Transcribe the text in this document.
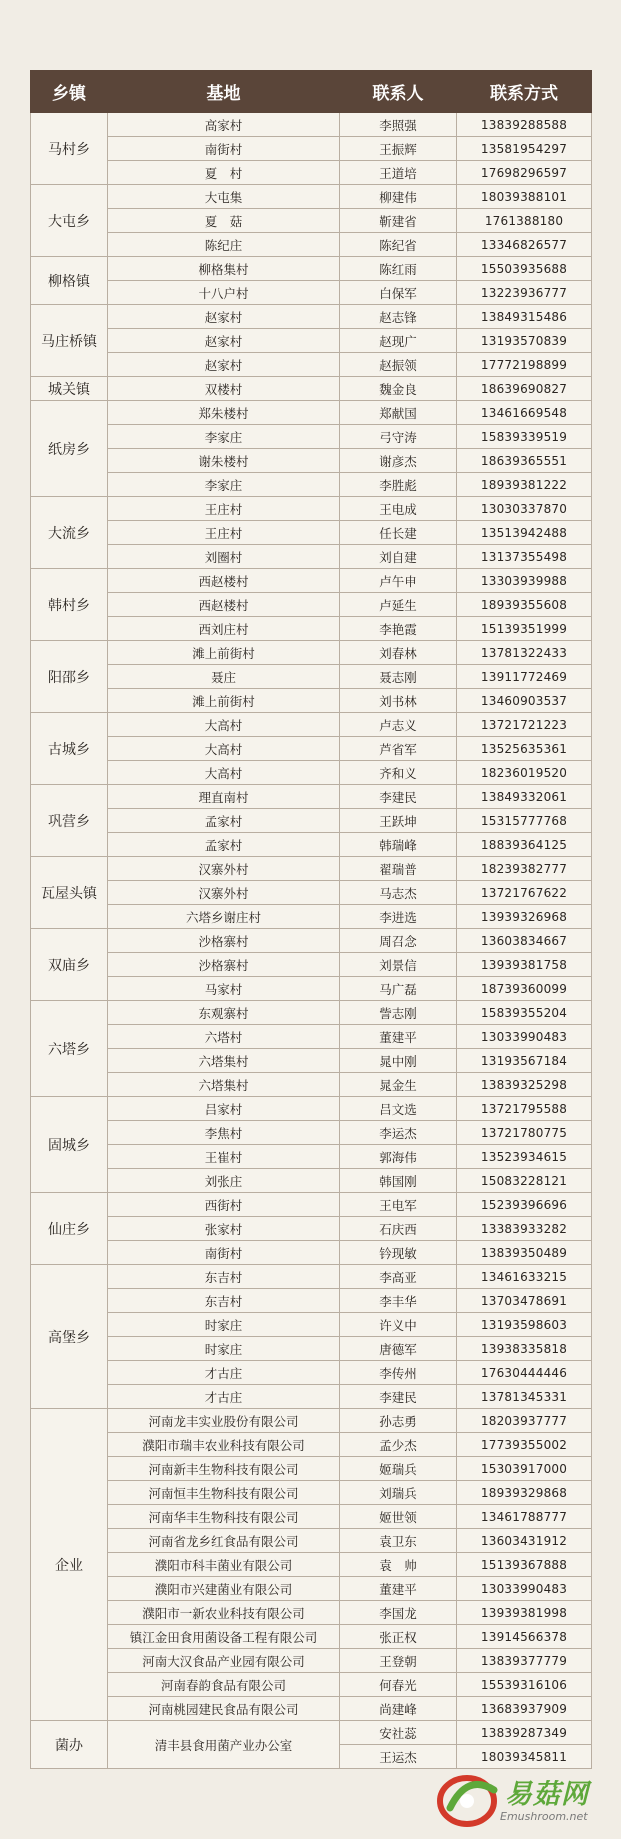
乡镇	基地	联系人	联系方式
马村乡	高家村	李照强	13839288588
	南街村	王振辉	13581954297
	夏　村	王道培	17698296597
大屯乡	大屯集	柳建伟	18039388101
	夏　菇	靳建省	1761388180
	陈纪庄	陈纪省	13346826577
柳格镇	柳格集村	陈红雨	15503935688
	十八户村	白保军	13223936777
马庄桥镇	赵家村	赵志锋	13849315486
	赵家村	赵现广	13193570839
	赵家村	赵振领	17772198899
城关镇	双楼村	魏金良	18639690827
纸房乡	郑朱楼村	郑献国	13461669548
	李家庄	弓守涛	15839339519
	谢朱楼村	谢彦杰	18639365551
	李家庄	李胜彪	18939381222
大流乡	王庄村	王电成	13030337870
	王庄村	任长建	13513942488
	刘圈村	刘自建	13137355498
韩村乡	西赵楼村	卢午申	13303939988
	西赵楼村	卢延生	18939355608
	西刘庄村	李艳霞	15139351999
阳邵乡	滩上前街村	刘春林	13781322433
	聂庄	聂志刚	13911772469
	滩上前街村	刘书林	13460903537
古城乡	大高村	卢志义	13721721223
	大高村	芦省军	13525635361
	大高村	齐和义	18236019520
巩营乡	理直南村	李建民	13849332061
	孟家村	王跃坤	15315777768
	孟家村	韩瑞峰	18839364125
瓦屋头镇	汉寨外村	翟瑞普	18239382777
	汉寨外村	马志杰	13721767622
	六塔乡谢庄村	李进选	13939326968
双庙乡	沙格寨村	周召念	13603834667
	沙格寨村	刘景信	13939381758
	马家村	马广磊	18739360099
六塔乡	东观寨村	訾志刚	15839355204
	六塔村	董建平	13033990483
	六塔集村	晁中刚	13193567184
	六塔集村	晁金生	13839325298
固城乡	吕家村	吕文选	13721795588
	李焦村	李运杰	13721780775
	王崔村	郭海伟	13523934615
	刘张庄	韩国刚	15083228121
仙庄乡	西街村	王电军	15239396696
	张家村	石庆西	13383933282
	南街村	钤现敏	13839350489
高堡乡	东吉村	李高亚	13461633215
	东吉村	李丰华	13703478691
	时家庄	许义中	13193598603
	时家庄	唐德军	13938335818
	才古庄	李传州	17630444446
	才古庄	李建民	13781345331
企业	河南龙丰实业股份有限公司	孙志勇	18203937777
	濮阳市瑞丰农业科技有限公司	孟少杰	17739355002
	河南新丰生物科技有限公司	姬瑞兵	15303917000
	河南恒丰生物科技有限公司	刘瑞兵	18939329868
	河南华丰生物科技有限公司	姬世领	13461788777
	河南省龙乡红食品有限公司	袁卫东	13603431912
	濮阳市科丰菌业有限公司	袁　帅	15139367888
	濮阳市兴建菌业有限公司	董建平	13033990483
	濮阳市一新农业科技有限公司	李国龙	13939381998
	镇江金田食用菌设备工程有限公司	张正权	13914566378
	河南大汉食品产业园有限公司	王登朝	13839377779
	河南春韵食品有限公司	何春光	15539316106
	河南桃园建民食品有限公司	尚建峰	13683937909
菌办	清丰县食用菌产业办公室	安社蕊	13839287349
		王运杰	18039345811
易菇网
Emushroom.net
